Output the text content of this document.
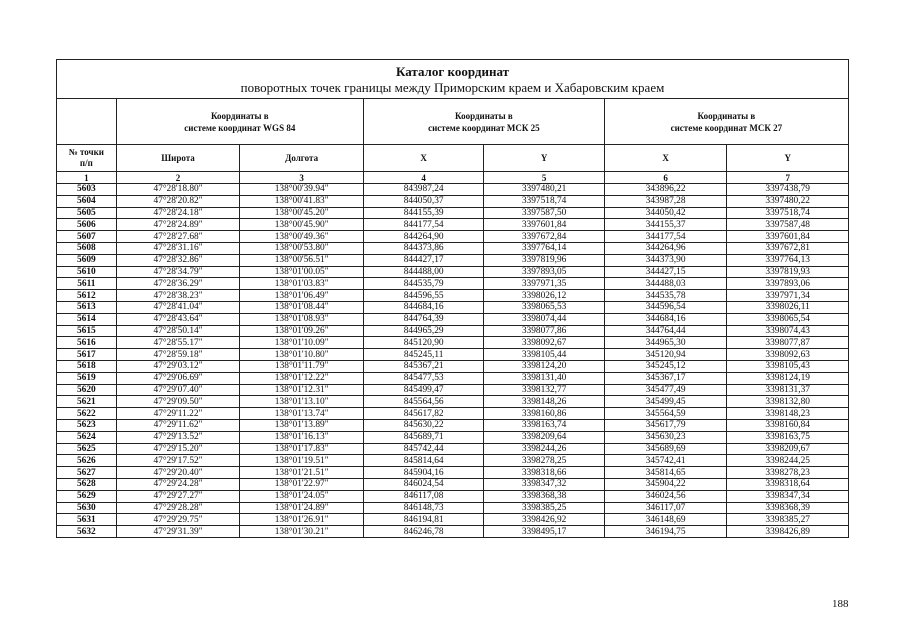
Каталог координат
поворотных точек границы между Приморским краем и Хабаровским краем						

	Координаты в
системе координат WGS 84		Координаты в
системе координат МСК 25		Координаты в
системе координат МСК 27	
№ точки
п/п	Широта	Долгота	X	Y	X	Y
1	2	3	4	5	6	7
5603	47°28'18.80"	138°00'39.94"	843987,24	3397480,21	343896,22	3397438,79
5604	47°28'20.82"	138°00'41.83"	844050,37	3397518,74	343987,28	3397480,22
5605	47°28'24.18"	138°00'45.20"	844155,39	3397587,50	344050,42	3397518,74
5606	47°28'24.89"	138°00'45.90"	844177,54	3397601,84	344155,37	3397587,48
5607	47°28'27.68"	138°00'49.36"	844264,90	3397672,84	344177,54	3397601,84
5608	47°28'31.16"	138°00'53.80"	844373,86	3397764,14	344264,96	3397672,81
5609	47°28'32.86"	138°00'56.51"	844427,17	3397819,96	344373,90	3397764,13
5610	47°28'34.79"	138°01'00.05"	844488,00	3397893,05	344427,15	3397819,93
5611	47°28'36.29"	138°01'03.83"	844535,79	3397971,35	344488,03	3397893,06
5612	47°28'38.23"	138°01'06.49"	844596,55	3398026,12	344535,78	3397971,34
5613	47°28'41.04"	138°01'08.44"	844684,16	3398065,53	344596,54	3398026,11
5614	47°28'43.64"	138°01'08.93"	844764,39	3398074,44	344684,16	3398065,54
5615	47°28'50.14"	138°01'09.26"	844965,29	3398077,86	344764,44	3398074,43
5616	47°28'55.17"	138°01'10.09"	845120,90	3398092,67	344965,30	3398077,87
5617	47°28'59.18"	138°01'10.80"	845245,11	3398105,44	345120,94	3398092,63
5618	47°29'03.12"	138°01'11.79"	845367,21	3398124,20	345245,12	3398105,43
5619	47°29'06.69"	138°01'12.22"	845477,53	3398131,40	345367,17	3398124,19
5620	47°29'07.40"	138°01'12.31"	845499,47	3398132,77	345477,49	3398131,37
5621	47°29'09.50"	138°01'13.10"	845564,56	3398148,26	345499,45	3398132,80
5622	47°29'11.22"	138°01'13.74"	845617,82	3398160,86	345564,59	3398148,23
5623	47°29'11.62"	138°01'13.89"	845630,22	3398163,74	345617,79	3398160,84
5624	47°29'13.52"	138°01'16.13"	845689,71	3398209,64	345630,23	3398163,75
5625	47°29'15.20"	138°01'17.83"	845742,44	3398244,26	345689,69	3398209,67
5626	47°29'17.52"	138°01'19.51"	845814,64	3398278,25	345742,41	3398244,25
5627	47°29'20.40"	138°01'21.51"	845904,16	3398318,66	345814,65	3398278,23
5628	47°29'24.28"	138°01'22.97"	846024,54	3398347,32	345904,22	3398318,64
5629	47°29'27.27"	138°01'24.05"	846117,08	3398368,38	346024,56	3398347,34
5630	47°29'28.28"	138°01'24.89"	846148,73	3398385,25	346117,07	3398368,39
5631	47°29'29.75"	138°01'26.91"	846194,81	3398426,92	346148,69	3398385,27
5632	47°29'31.39"	138°01'30.21"	846246,78	3398495,17	346194,75	3398426,89
188
